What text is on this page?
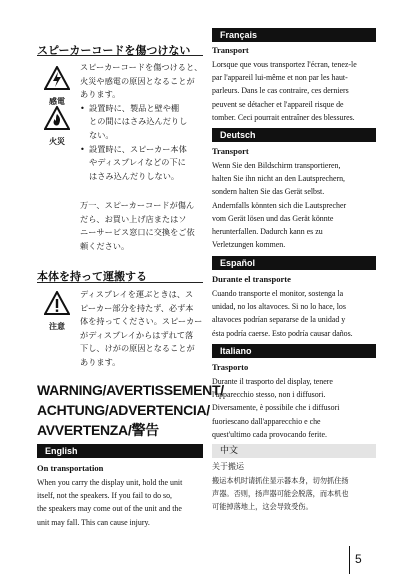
スピーカーコードを傷つけない
感電
火災

スピーカーコードを傷つけると、

火災や感電の原因となることが

あります。

• 設置時に、製品と壁や棚

との間にはさみ込んだりし

ない。

• 設置時に、スピーカー本体

やディスプレイなどの下に

はさみ込んだりしない。

万一、スピーカーコードが傷ん

だら、お買い上げ店またはソ

ニーサービス窓口に交換をご依

頼ください。

本体を持って運搬する
注意

ディスプレイを運ぶときは、ス

ピーカー部分を持たず、必ず本

体を持ってください。スピーカー

がディスプレイからはずれて落

下し、けがの原因となることが

あります。

WARNING/AVERTISSEMENT/
ACHTUNG/ADVERTENCIA/
AVVERTENZA/警告
English
On transportation
When you carry the display unit, hold the unit
itself, not the speakers. If you fail to do so,
the speakers may come out of the unit and the
unit may fall. This can cause injury.
Français
Transport
Lorsque que vous transportez l'écran, tenez-le
par l'appareil lui-même et non par les haut-
parleurs. Dans le cas contraire, ces derniers
peuvent se détacher et l'appareil risque de
tomber. Ceci pourrait entraîner des blessures.
Deutsch
Transport
Wenn Sie den Bildschirm transportieren,
halten Sie ihn nicht an den Lautsprechern,
sondern halten Sie das Gerät selbst.
Andernfalls könnten sich die Lautsprecher
vom Gerät lösen und das Gerät könnte
herunterfallen. Dadurch kann es zu
Verletzungen kommen.
Español
Durante el transporte
Cuando transporte el monitor, sostenga la
unidad, no los altavoces. Si no lo hace, los
altavoces podrían separarse de la unidad y
ésta podría caerse. Esto podría causar daños.
Italiano
Trasporto
Durante il trasporto del display, tenere
l'apparecchio stesso, non i diffusori.
Diversamente, è possibile che i diffusori
fuoriescano dall'apparecchio e che
quest'ultimo cada provocando ferite.
中文
关于搬运
搬运本机时请抓住显示器本身，切勿抓住扬
声器。否则，扬声器可能会脱落，而本机也
可能掉落地上，这会导致受伤。
5
